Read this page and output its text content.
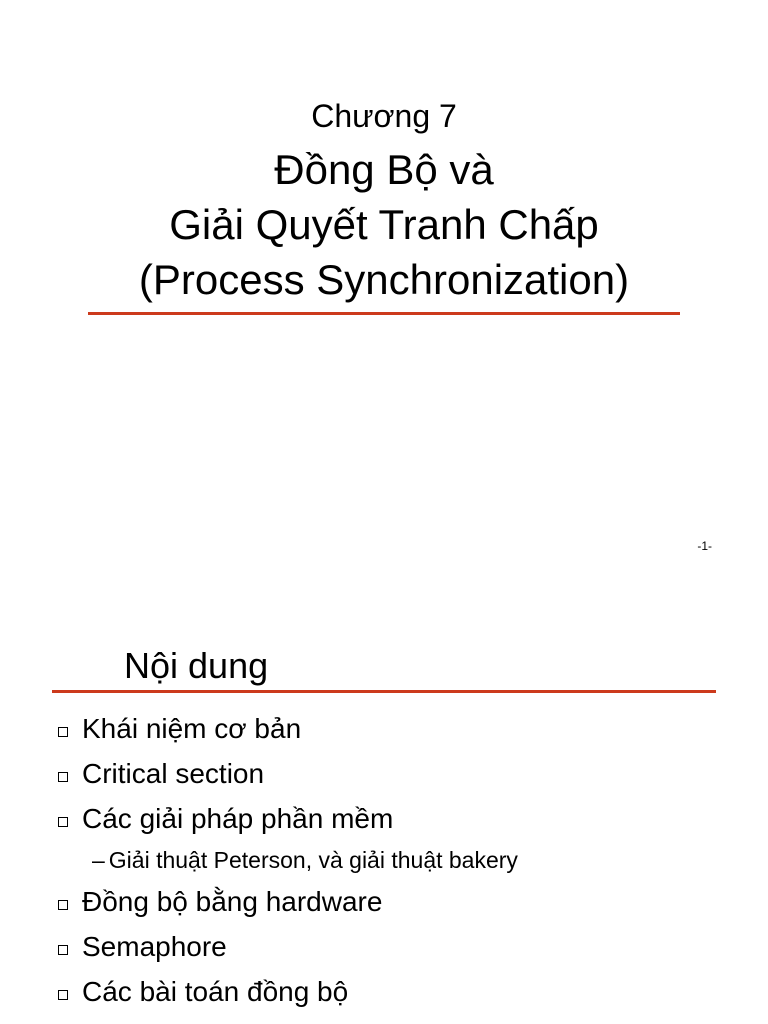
Chương 7
Đồng Bộ và
Giải Quyết Tranh Chấp
(Process Synchronization)
-1-
Nội dung
Khái niệm cơ bản
Critical section
Các giải pháp phần mềm
– Giải thuật Peterson, và giải thuật bakery
Đồng bộ bằng hardware
Semaphore
Các bài toán đồng bộ
